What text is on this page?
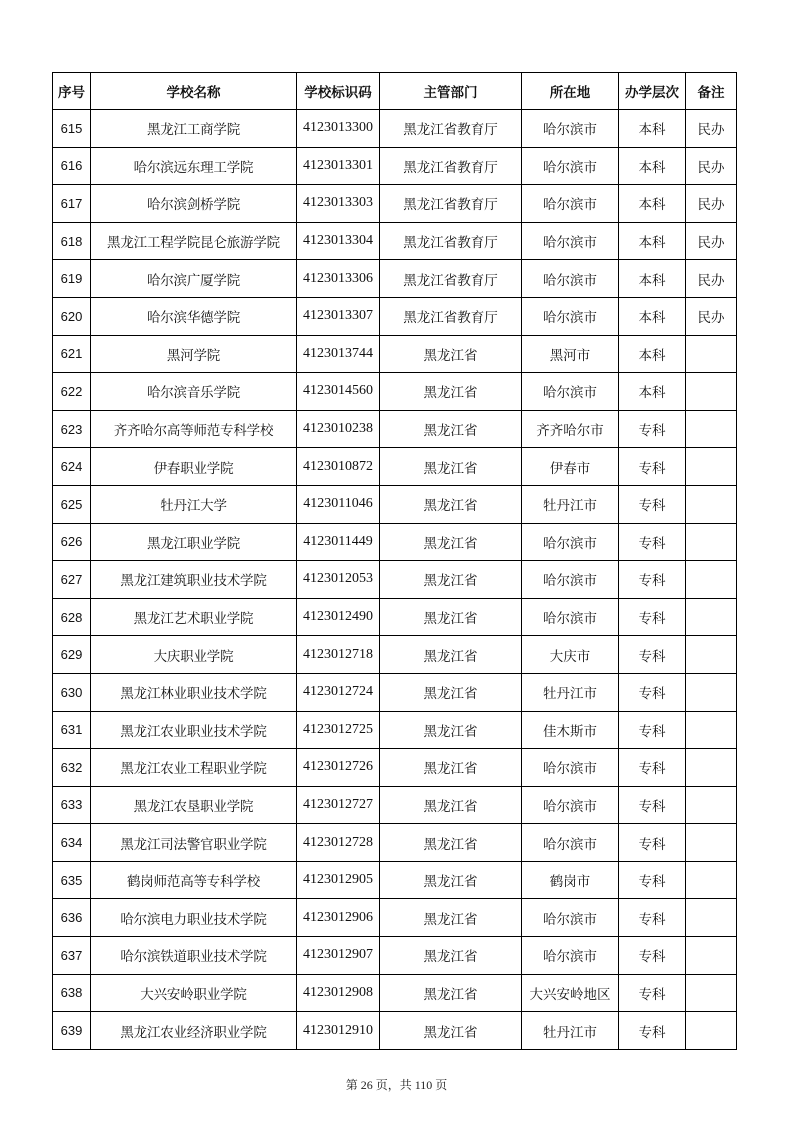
序号	学校名称	学校标识码	主管部门	所在地	办学层次	备注
615	黑龙江工商学院	4123013300	黑龙江省教育厅	哈尔滨市	本科	民办
616	哈尔滨远东理工学院	4123013301	黑龙江省教育厅	哈尔滨市	本科	民办
617	哈尔滨剑桥学院	4123013303	黑龙江省教育厅	哈尔滨市	本科	民办
618	黑龙江工程学院昆仑旅游学院	4123013304	黑龙江省教育厅	哈尔滨市	本科	民办
619	哈尔滨广厦学院	4123013306	黑龙江省教育厅	哈尔滨市	本科	民办
620	哈尔滨华德学院	4123013307	黑龙江省教育厅	哈尔滨市	本科	民办
621	黑河学院	4123013744	黑龙江省	黑河市	本科	
622	哈尔滨音乐学院	4123014560	黑龙江省	哈尔滨市	本科	
623	齐齐哈尔高等师范专科学校	4123010238	黑龙江省	齐齐哈尔市	专科	
624	伊春职业学院	4123010872	黑龙江省	伊春市	专科	
625	牡丹江大学	4123011046	黑龙江省	牡丹江市	专科	
626	黑龙江职业学院	4123011449	黑龙江省	哈尔滨市	专科	
627	黑龙江建筑职业技术学院	4123012053	黑龙江省	哈尔滨市	专科	
628	黑龙江艺术职业学院	4123012490	黑龙江省	哈尔滨市	专科	
629	大庆职业学院	4123012718	黑龙江省	大庆市	专科	
630	黑龙江林业职业技术学院	4123012724	黑龙江省	牡丹江市	专科	
631	黑龙江农业职业技术学院	4123012725	黑龙江省	佳木斯市	专科	
632	黑龙江农业工程职业学院	4123012726	黑龙江省	哈尔滨市	专科	
633	黑龙江农垦职业学院	4123012727	黑龙江省	哈尔滨市	专科	
634	黑龙江司法警官职业学院	4123012728	黑龙江省	哈尔滨市	专科	
635	鹤岗师范高等专科学校	4123012905	黑龙江省	鹤岗市	专科	
636	哈尔滨电力职业技术学院	4123012906	黑龙江省	哈尔滨市	专科	
637	哈尔滨铁道职业技术学院	4123012907	黑龙江省	哈尔滨市	专科	
638	大兴安岭职业学院	4123012908	黑龙江省	大兴安岭地区	专科	
639	黑龙江农业经济职业学院	4123012910	黑龙江省	牡丹江市	专科	
第 26 页，共 110 页
